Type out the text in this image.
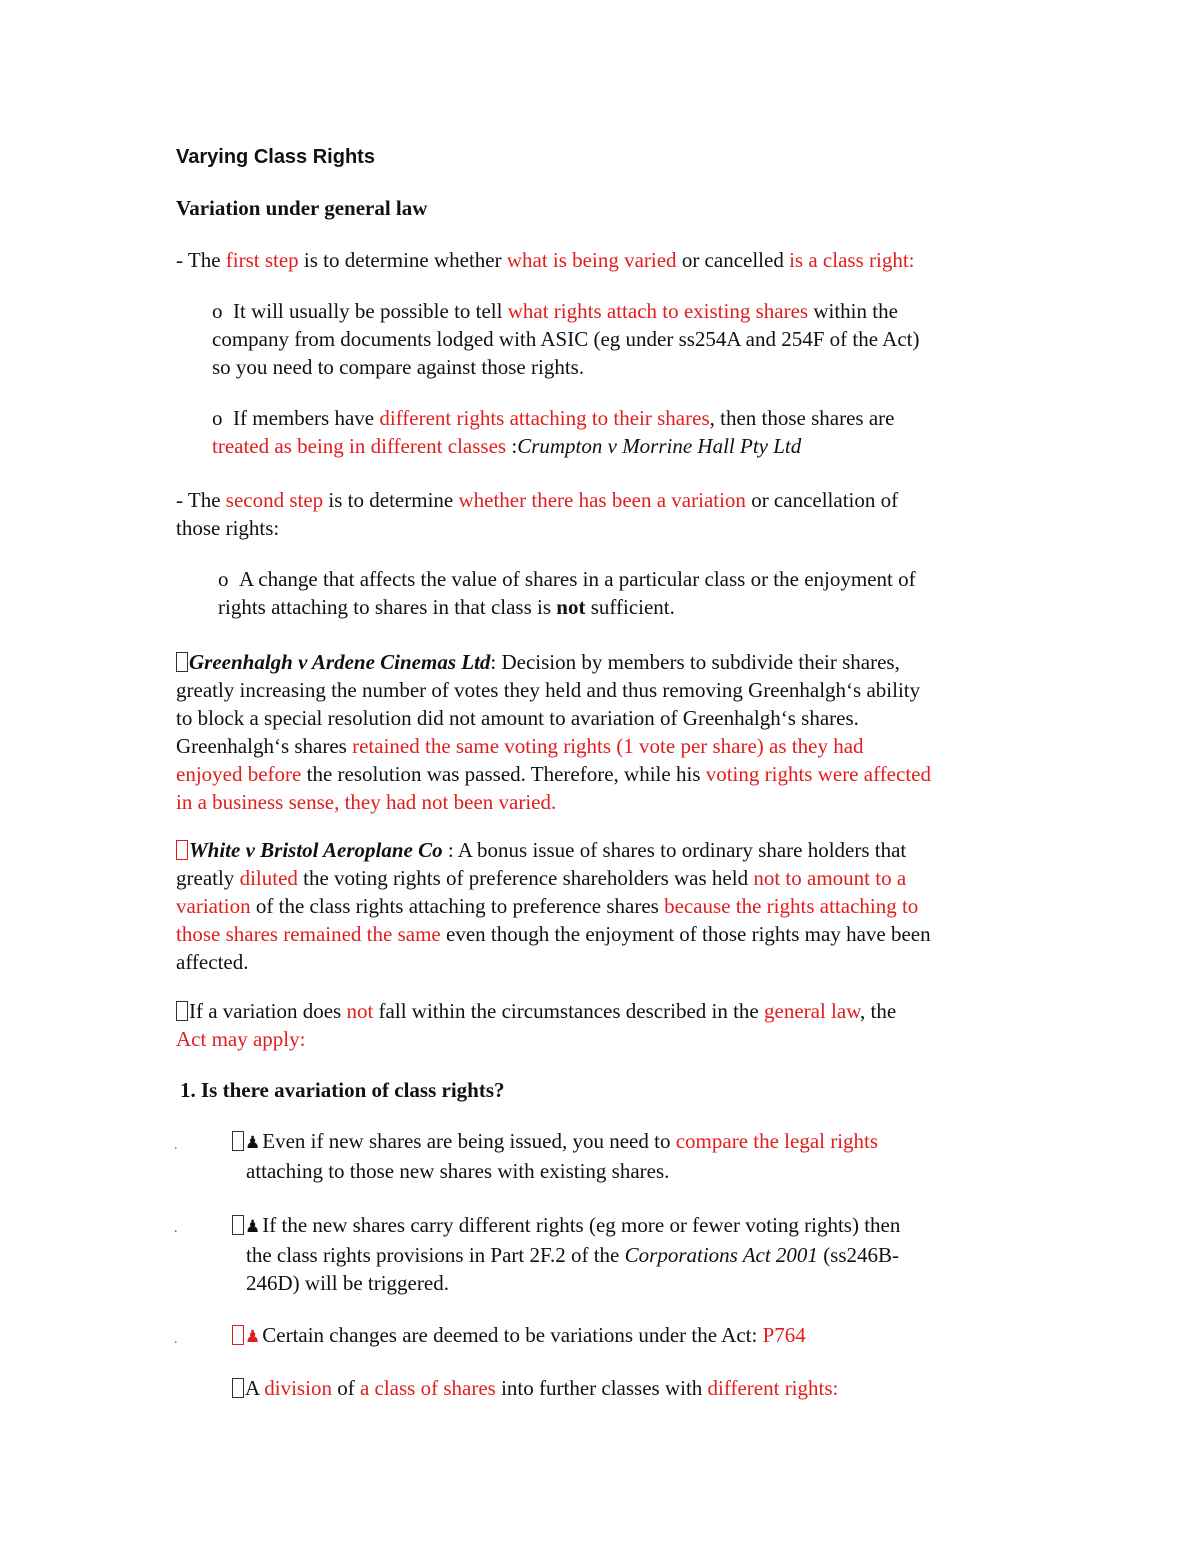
Varying Class Rights
Variation under general law
- The first step is to determine whether what is being varied or cancelled is a class right:
o It will usually be possible to tell what rights attach to existing shares within the
company from documents lodged with ASIC (eg under ss254A and 254F of the Act)
so you need to compare against those rights.
o If members have different rights attaching to their shares, then those shares are
treated as being in different classes :Crumpton v Morrine Hall Pty Ltd
- The second step is to determine whether there has been a variation or cancellation of
those rights:
o A change that affects the value of shares in a particular class or the enjoyment of
rights attaching to shares in that class is not sufficient.
Greenhalgh v Ardene Cinemas Ltd: Decision by members to subdivide their shares,
greatly increasing the number of votes they held and thus removing Greenhalgh‘s ability
to block a special resolution did not amount to avariation of Greenhalgh‘s shares.
Greenhalgh‘s shares retained the same voting rights (1 vote per share) as they had
enjoyed before the resolution was passed. Therefore, while his voting rights were affected
in a business sense, they had not been varied.
White v Bristol Aeroplane Co : A bonus issue of shares to ordinary share holders that
greatly diluted the voting rights of preference shareholders was held not to amount to a
variation of the class rights attaching to preference shares because the rights attaching to
those shares remained the same even though the enjoyment of those rights may have been
affected.
If a variation does not fall within the circumstances described in the general law, the
Act may apply:
1. Is there avariation of class rights?
.	♟Even if new shares are being issued, you need to compare the legal rights
attaching to those new shares with existing shares.
.	♟If the new shares carry different rights (eg more or fewer voting rights) then
the class rights provisions in Part 2F.2 of the Corporations Act 2001 (ss246B-
246D) will be triggered.
.	♟Certain changes are deemed to be variations under the Act: P764
A division of a class of shares into further classes with different rights:
